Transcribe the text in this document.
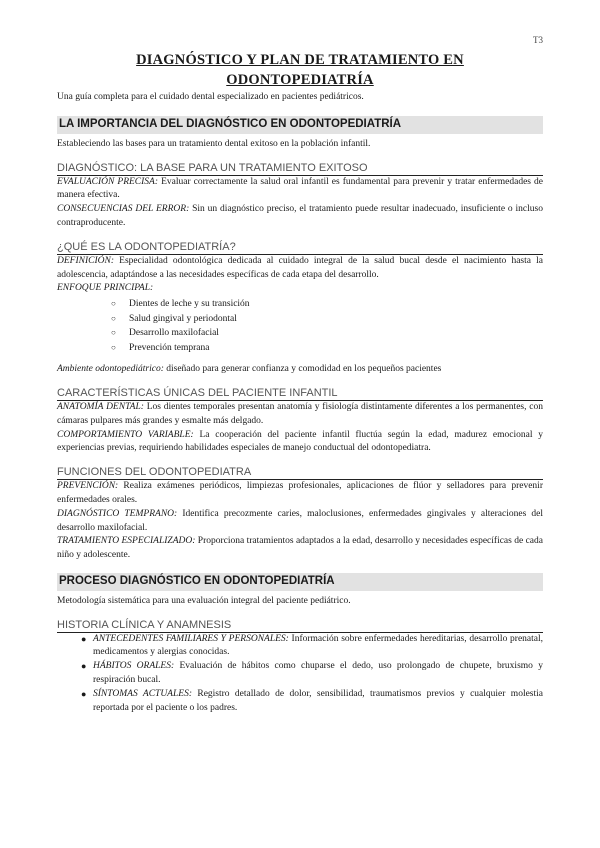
T3
DIAGNÓSTICO Y PLAN DE TRATAMIENTO EN
ODONTOPEDIATRÍA
Una guía completa para el cuidado dental especializado en pacientes pediátricos.
LA IMPORTANCIA DEL DIAGNÓSTICO EN ODONTOPEDIATRÍA
Estableciendo las bases para un tratamiento dental exitoso en la población infantil.
DIAGNÓSTICO: LA BASE PARA UN TRATAMIENTO EXITOSO
EVALUACIÓN PRECISA: Evaluar correctamente la salud oral infantil es fundamental para prevenir y tratar enfermedades de manera efectiva.
CONSECUENCIAS DEL ERROR: Sin un diagnóstico preciso, el tratamiento puede resultar inadecuado, insuficiente o incluso contraproducente.
¿QUÉ ES LA ODONTOPEDIATRÍA?
DEFINICIÓN: Especialidad odontológica dedicada al cuidado integral de la salud bucal desde el nacimiento hasta la adolescencia, adaptándose a las necesidades específicas de cada etapa del desarrollo.
ENFOQUE PRINCIPAL:
○ Dientes de leche y su transición
○ Salud gingival y periodontal
○ Desarrollo maxilofacial
○ Prevención temprana
Ambiente odontopediátrico: diseñado para generar confianza y comodidad en los pequeños pacientes
CARACTERÍSTICAS ÚNICAS DEL PACIENTE INFANTIL
ANATOMÍA DENTAL: Los dientes temporales presentan anatomía y fisiología distintamente diferentes a los permanentes, con cámaras pulpares más grandes y esmalte más delgado.
COMPORTAMIENTO VARIABLE: La cooperación del paciente infantil fluctúa según la edad, madurez emocional y experiencias previas, requiriendo habilidades especiales de manejo conductual del odontopediatra.
FUNCIONES DEL ODONTOPEDIATRA
PREVENCIÓN: Realiza exámenes periódicos, limpiezas profesionales, aplicaciones de flúor y selladores para prevenir enfermedades orales.
DIAGNÓSTICO TEMPRANO: Identifica precozmente caries, maloclusiones, enfermedades gingivales y alteraciones del desarrollo maxilofacial.
TRATAMIENTO ESPECIALIZADO: Proporciona tratamientos adaptados a la edad, desarrollo y necesidades específicas de cada niño y adolescente.
PROCESO DIAGNÓSTICO EN ODONTOPEDIATRÍA
Metodología sistemática para una evaluación integral del paciente pediátrico.
HISTORIA CLÍNICA Y ANAMNESIS
● ANTECEDENTES FAMILIARES Y PERSONALES: Información sobre enfermedades hereditarias, desarrollo prenatal, medicamentos y alergias conocidas.
● HÁBITOS ORALES: Evaluación de hábitos como chuparse el dedo, uso prolongado de chupete, bruxismo y respiración bucal.
● SÍNTOMAS ACTUALES: Registro detallado de dolor, sensibilidad, traumatismos previos y cualquier molestia reportada por el paciente o los padres.
